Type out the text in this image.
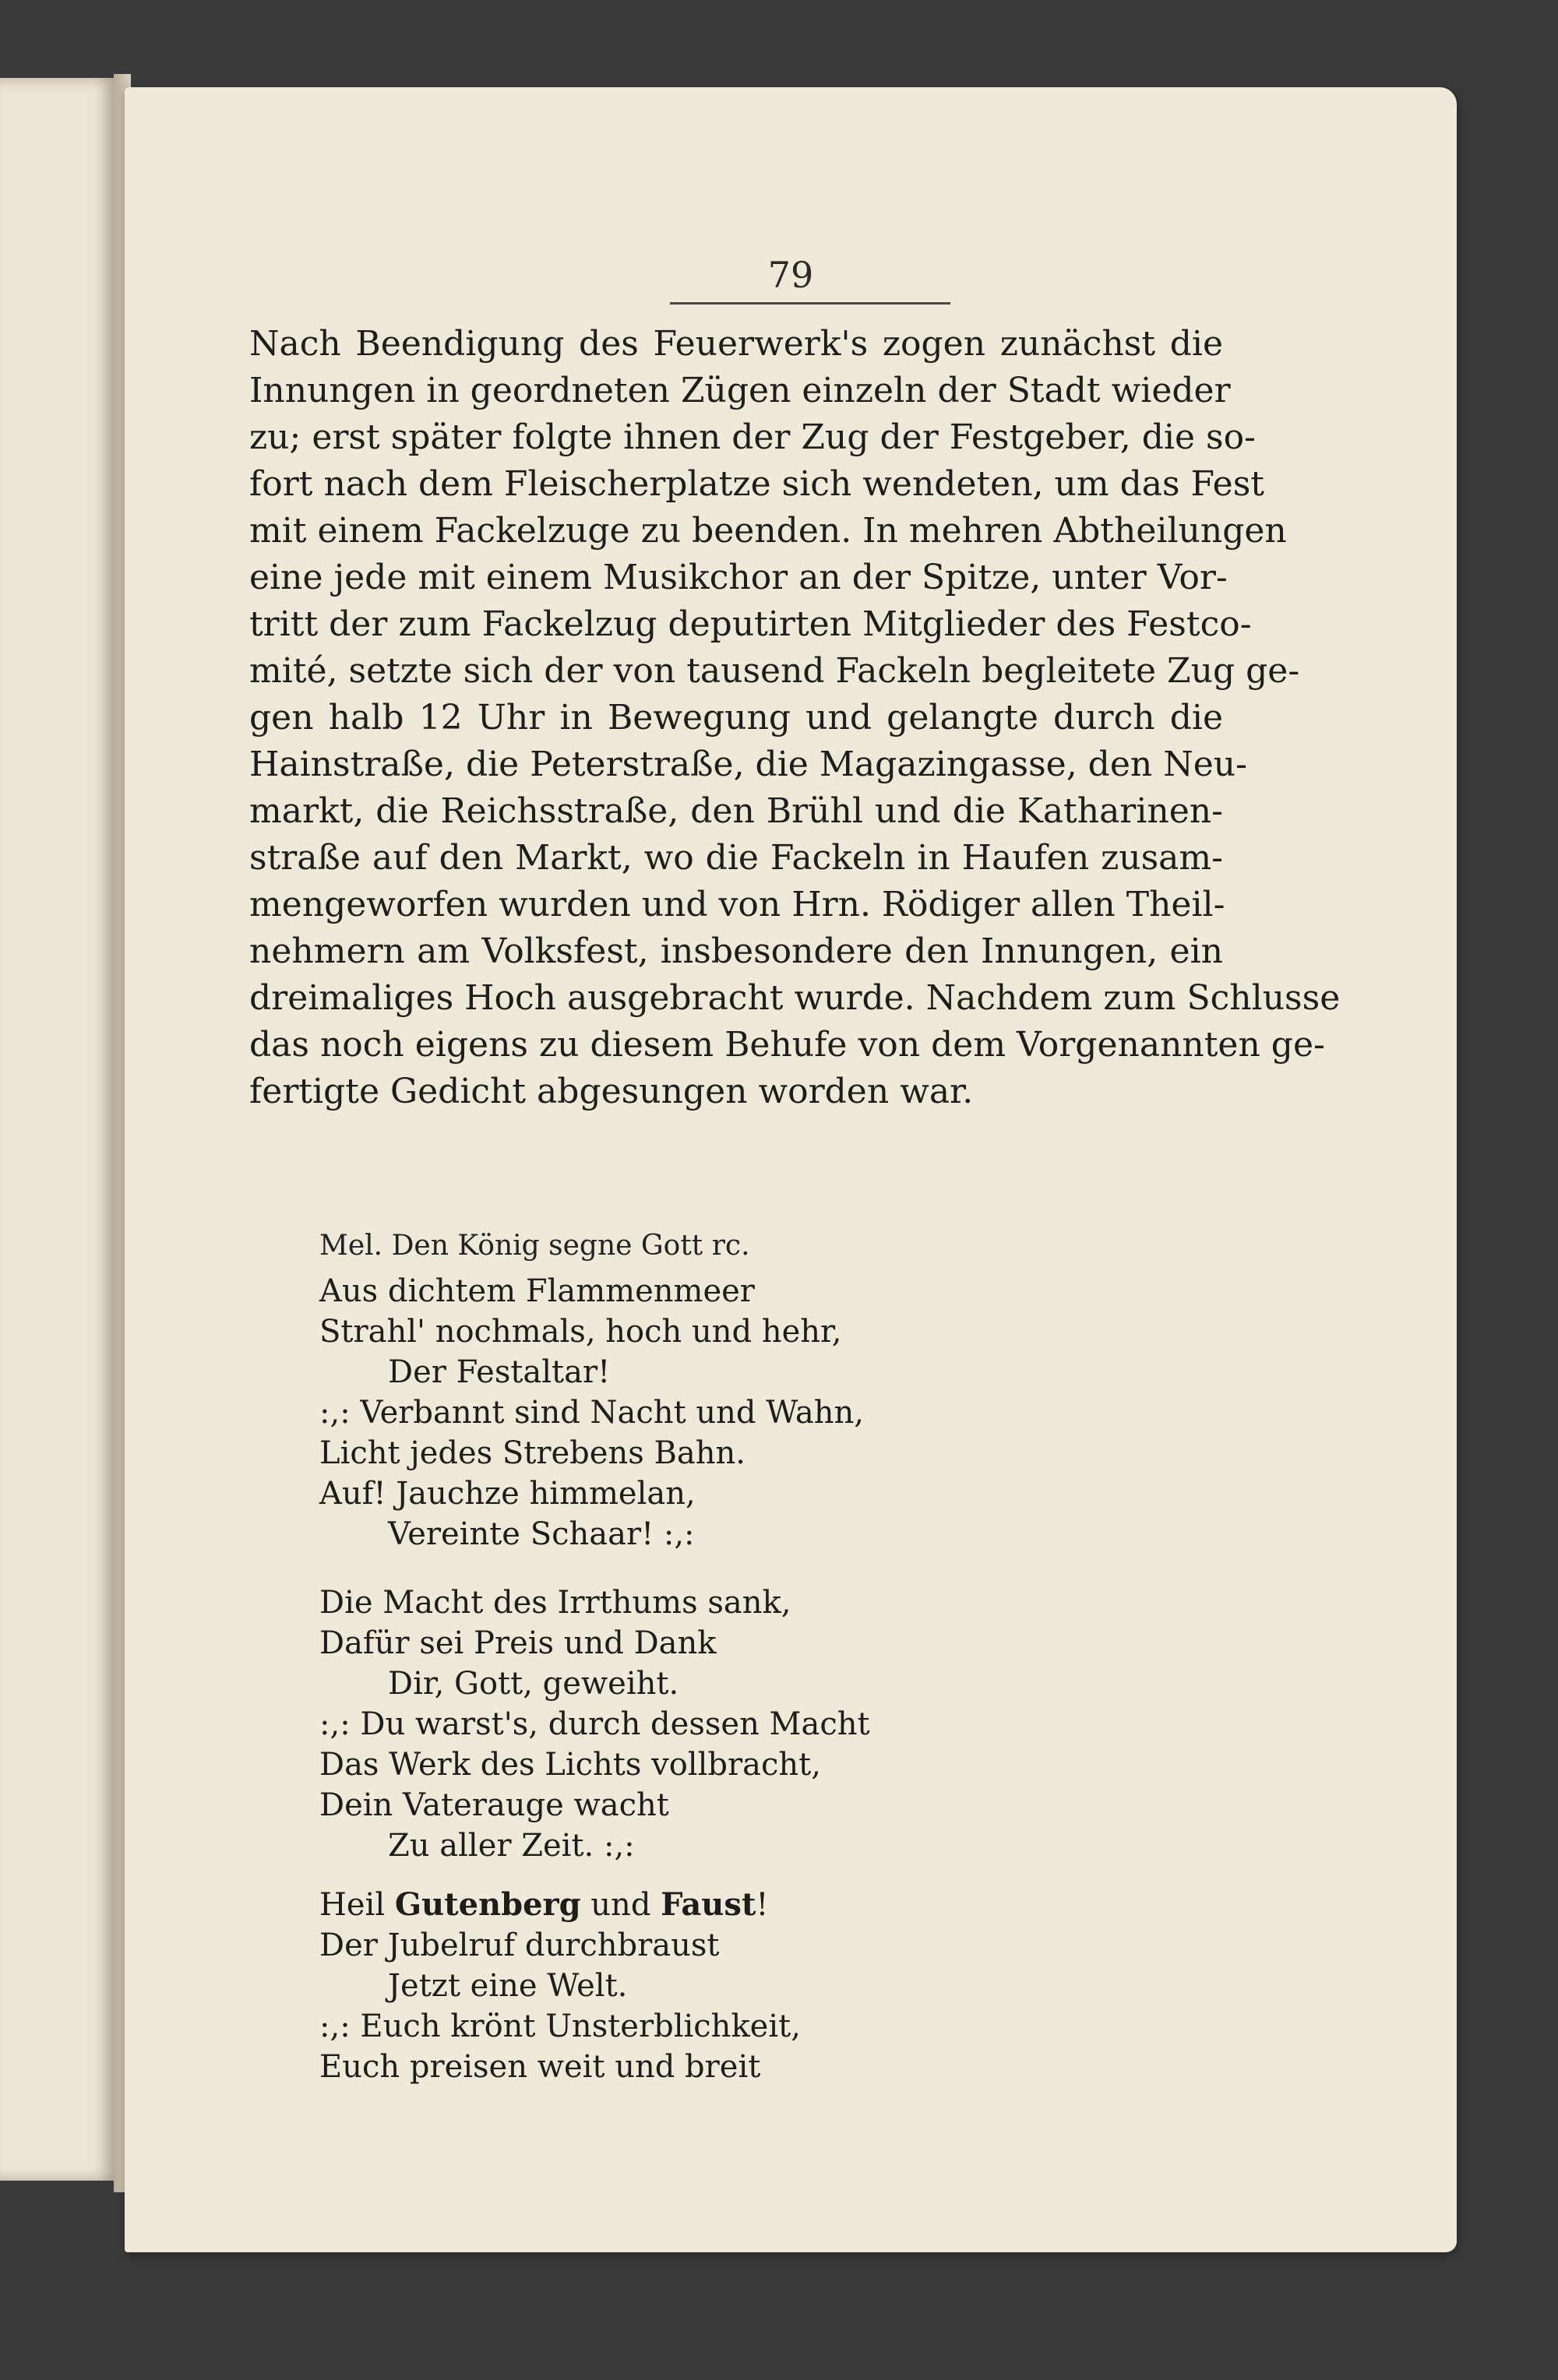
79
Nach Beendigung des Feuerwerk's zogen zunächst die
Innungen in geordneten Zügen einzeln der Stadt wieder
zu; erst später folgte ihnen der Zug der Festgeber, die so-
fort nach dem Fleischerplatze sich wendeten, um das Fest
mit einem Fackelzuge zu beenden. In mehren Abtheilungen
eine jede mit einem Musikchor an der Spitze, unter Vor-
tritt der zum Fackelzug deputirten Mitglieder des Festco-
mité, setzte sich der von tausend Fackeln begleitete Zug ge-
gen halb 12 Uhr in Bewegung und gelangte durch die
Hainstraße, die Peterstraße, die Magazingasse, den Neu-
markt, die Reichsstraße, den Brühl und die Katharinen-
straße auf den Markt, wo die Fackeln in Haufen zusam-
mengeworfen wurden und von Hrn. Rödiger allen Theil-
nehmern am Volksfest, insbesondere den Innungen, ein
dreimaliges Hoch ausgebracht wurde. Nachdem zum Schlusse
das noch eigens zu diesem Behufe von dem Vorgenannten ge-
fertigte Gedicht abgesungen worden war.
Mel. Den König segne Gott rc.
Aus dichtem Flammenmeer
Strahl' nochmals, hoch und hehr,
Der Festaltar!
:,: Verbannt sind Nacht und Wahn,
Licht jedes Strebens Bahn.
Auf! Jauchze himmelan,
Vereinte Schaar! :,:
Die Macht des Irrthums sank,
Dafür sei Preis und Dank
Dir, Gott, geweiht.
:,: Du warst's, durch dessen Macht
Das Werk des Lichts vollbracht,
Dein Vaterauge wacht
Zu aller Zeit. :,:
Heil Gutenberg und Faust!
Der Jubelruf durchbraust
Jetzt eine Welt.
:,: Euch krönt Unsterblichkeit,
Euch preisen weit und breit
